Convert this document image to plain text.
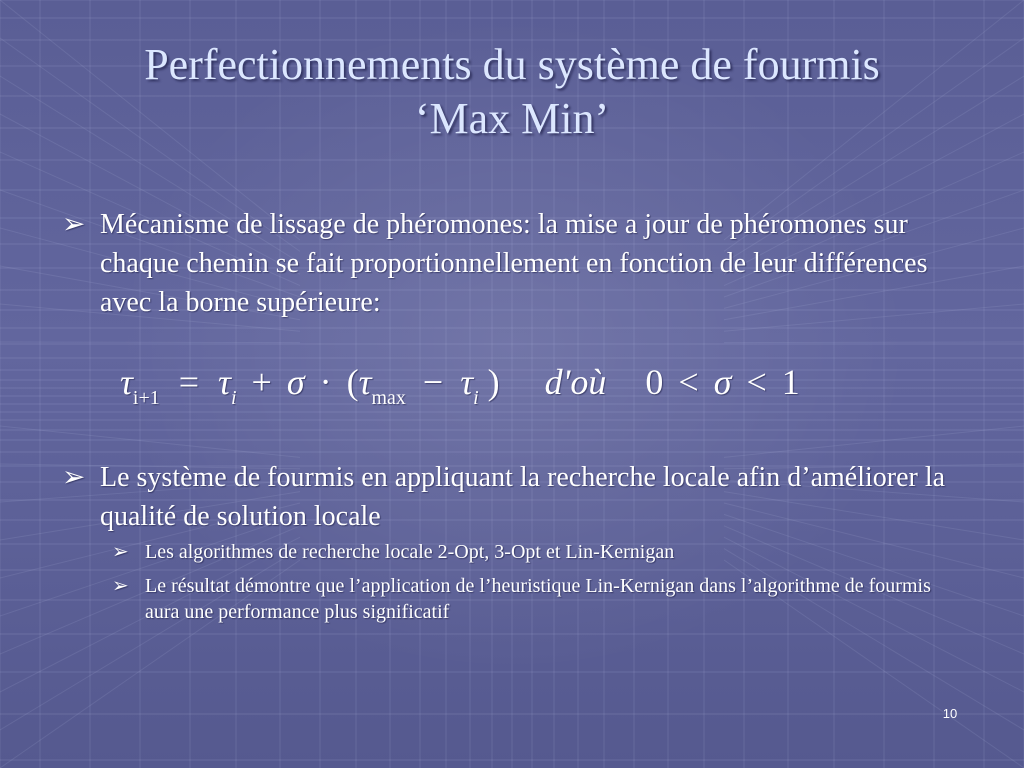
Perfectionnements du système de fourmis
‘Max Min’
➢ Mécanisme de lissage de phéromones: la mise a jour de phéromones sur chaque chemin se fait proportionnellement en fonction de leur différences avec la borne supérieure:
$\tau_{i+1} = \tau_i + \sigma \cdot (\tau_{max} - \tau_i$ ) d'où 0 < σ < 1
➢ Le système de fourmis en appliquant la recherche locale afin d’améliorer la qualité de solution locale
➢ Les algorithmes de recherche locale 2-Opt, 3-Opt et Lin-Kernigan
➢ Le résultat démontre que l’application de l’heuristique Lin-Kernigan dans l’algorithme de fourmis aura une performance plus significatif
10
